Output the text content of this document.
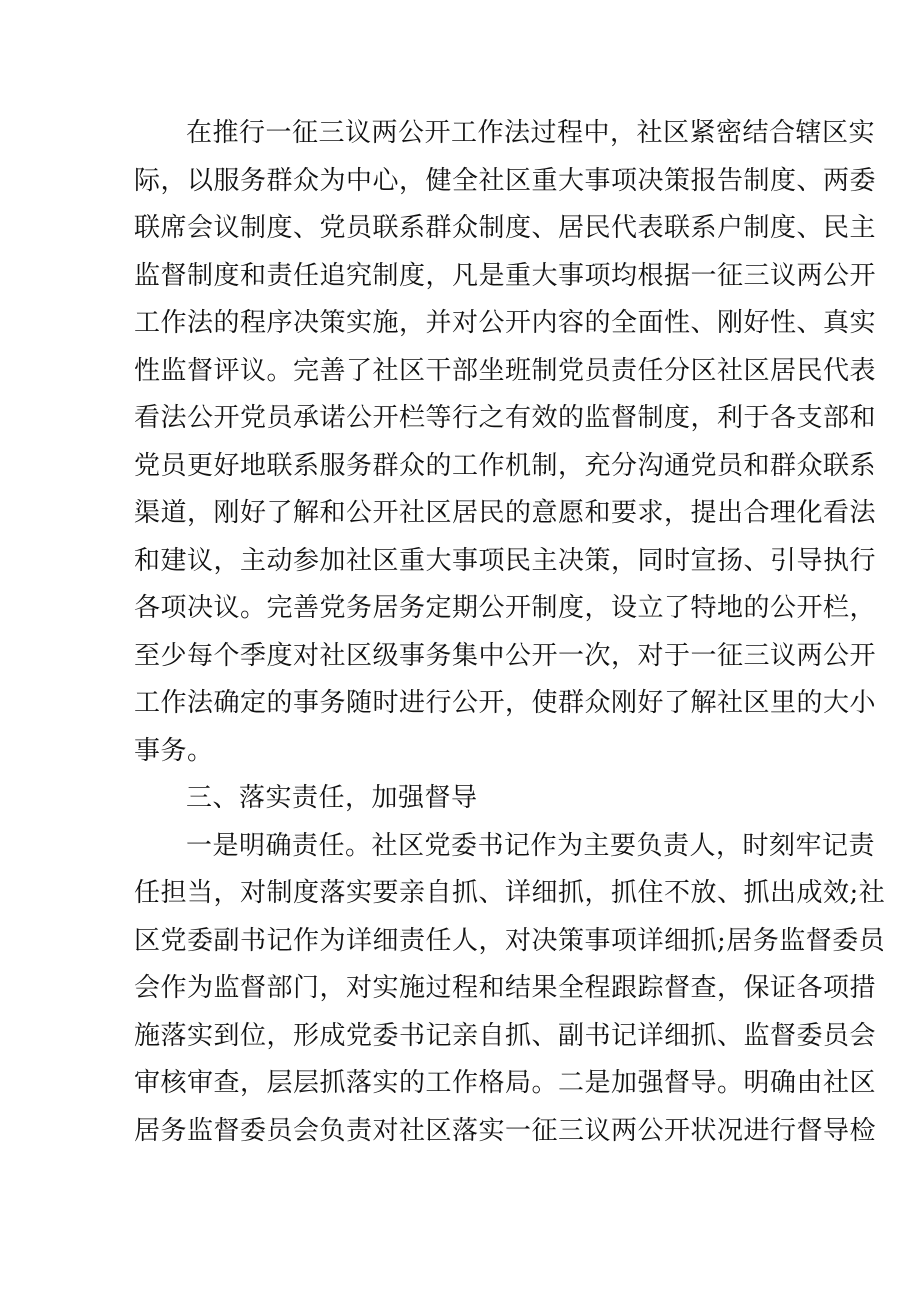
在推行一征三议两公开工作法过程中，社区紧密结合辖区实
际，以服务群众为中心，健全社区重大事项决策报告制度、两委
联席会议制度、党员联系群众制度、居民代表联系户制度、民主
监督制度和责任追究制度，凡是重大事项均根据一征三议两公开
工作法的程序决策实施，并对公开内容的全面性、刚好性、真实
性监督评议。完善了社区干部坐班制党员责任分区社区居民代表
看法公开党员承诺公开栏等行之有效的监督制度，利于各支部和
党员更好地联系服务群众的工作机制，充分沟通党员和群众联系
渠道，刚好了解和公开社区居民的意愿和要求，提出合理化看法
和建议，主动参加社区重大事项民主决策，同时宣扬、引导执行
各项决议。完善党务居务定期公开制度，设立了特地的公开栏，
至少每个季度对社区级事务集中公开一次，对于一征三议两公开
工作法确定的事务随时进行公开，使群众刚好了解社区里的大小
事务。
三、落实责任，加强督导
一是明确责任。社区党委书记作为主要负责人，时刻牢记责
任担当，对制度落实要亲自抓、详细抓，抓住不放、抓出成效;社
区党委副书记作为详细责任人，对决策事项详细抓;居务监督委员
会作为监督部门，对实施过程和结果全程跟踪督查，保证各项措
施落实到位，形成党委书记亲自抓、副书记详细抓、监督委员会
审核审查，层层抓落实的工作格局。二是加强督导。明确由社区
居务监督委员会负责对社区落实一征三议两公开状况进行督导检
